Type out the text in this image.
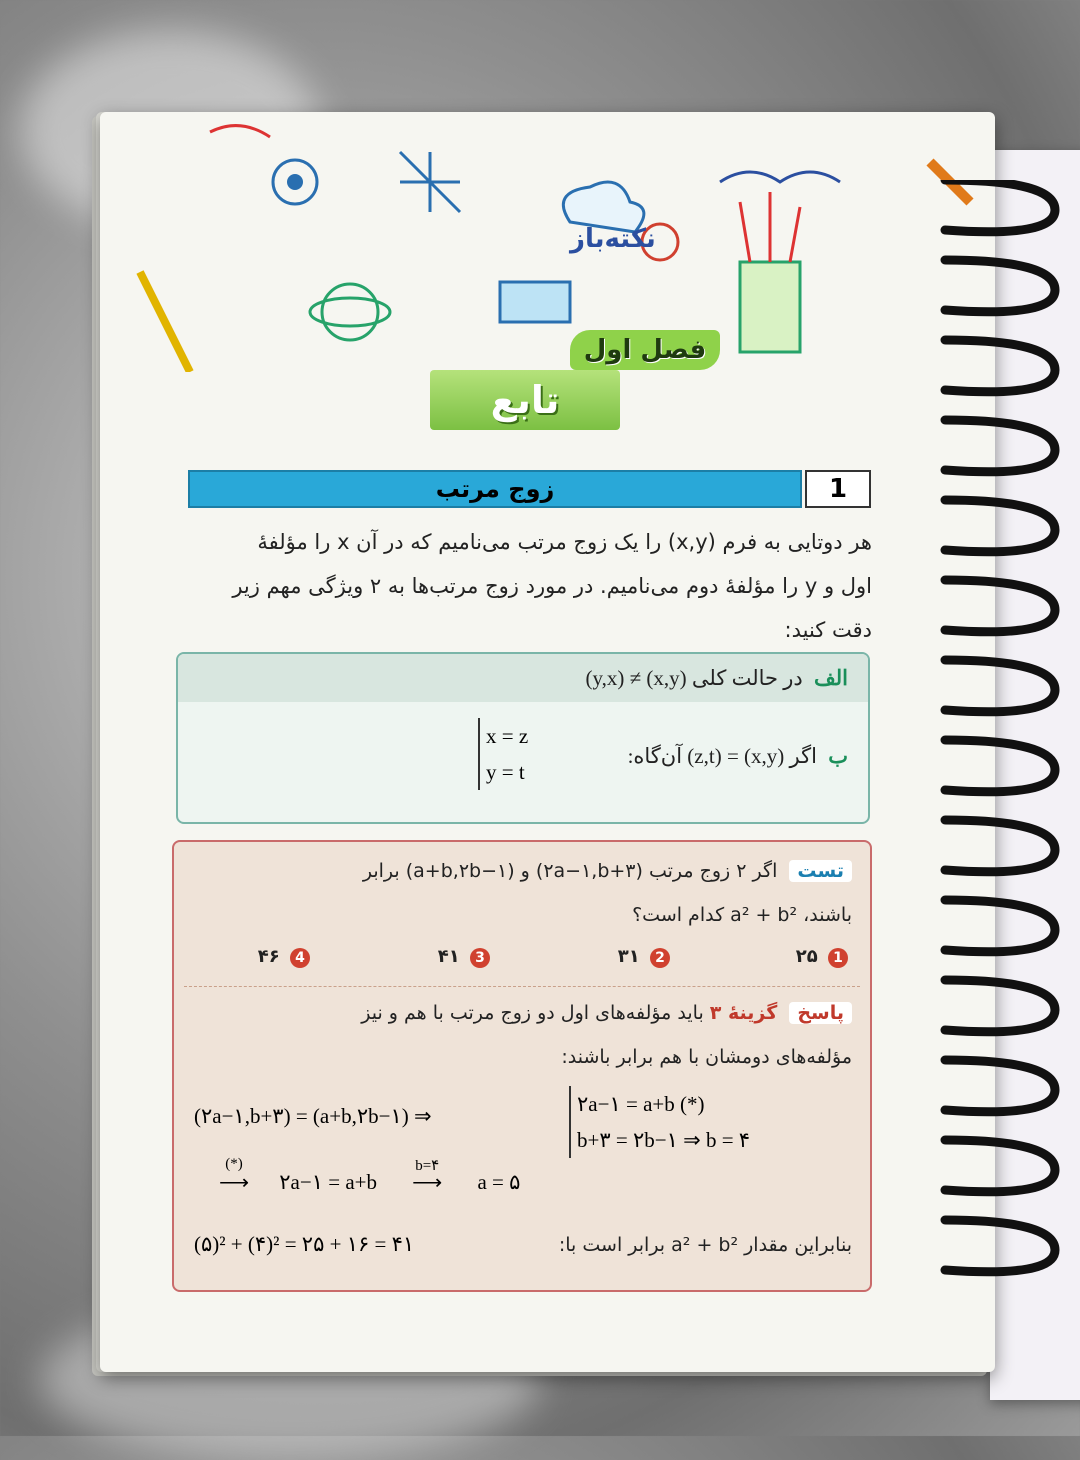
نکته‌باز
فصل اول
تابع
زوج مرتب	1

هر دوتایی به فرم (x,y) را یک زوج مرتب می‌نامیم که در آن x را مؤلفهٔ

اول و y را مؤلفهٔ دوم می‌نامیم. در مورد زوج مرتب‌ها به ۲ ویژگی مهم زیر

دقت کنید:

الف در حالت کلی (x,y) ≠ (y,x)
ب اگر (x,y) = (z,t) آن‌گاه:
x = z
y = t
تست اگر ۲ زوج مرتب (۲a−۱,b+۳) و (a+b,۲b−۱) برابر
باشند، a² + b² کدام است؟
1 ۲۵
2 ۳۱
3 ۴۱
4 ۴۶
پاسخ گزینهٔ ۳ باید مؤلفه‌های اول دو زوج مرتب با هم و نیز
مؤلفه‌های دومشان با هم برابر باشند:
(۲a−۱,b+۳) = (a+b,۲b−۱) ⇒	۲a−۱ = a+b (*)
b+۳ = ۲b−۱ ⇒ b = ۴
(*)
⟶ ۲a−۱ = a+b
b=۴
⟶ a = ۵
بنابراین مقدار a² + b² برابر است با:
(۵)² + (۴)² = ۲۵ + ۱۶ = ۴۱
